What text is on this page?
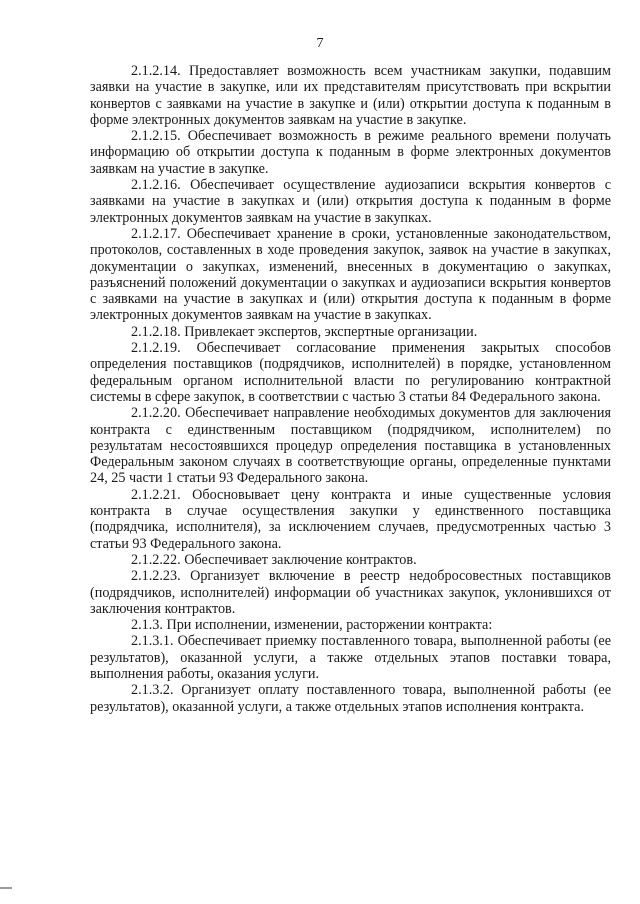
7

2.1.2.14. Предоставляет возможность всем участникам закупки, подавшим заявки на участие в закупке, или их представителям присутствовать при вскрытии конвертов с заявками на участие в закупке и (или) открытии доступа к поданным в форме электронных документов заявкам на участие в закупке.

2.1.2.15. Обеспечивает возможность в режиме реального времени получать информацию об открытии доступа к поданным в форме электронных документов заявкам на участие в закупке.

2.1.2.16. Обеспечивает осуществление аудиозаписи вскрытия конвертов с заявками на участие в закупках и (или) открытия доступа к поданным в форме электронных документов заявкам на участие в закупках.

2.1.2.17. Обеспечивает хранение в сроки, установленные законодательством, протоколов, составленных в ходе проведения закупок, заявок на участие в закупках, документации о закупках, изменений, внесенных в документацию о закупках, разъяснений положений документации о закупках и аудиозаписи вскрытия конвертов с заявками на участие в закупках и (или) открытия доступа к поданным в форме электронных документов заявкам на участие в закупках.

2.1.2.18. Привлекает экспертов, экспертные организации.

2.1.2.19. Обеспечивает согласование применения закрытых способов определения поставщиков (подрядчиков, исполнителей) в порядке, установленном федеральным органом исполнительной власти по регулированию контрактной системы в сфере закупок, в соответствии с частью 3 статьи 84 Федерального закона.

2.1.2.20. Обеспечивает направление необходимых документов для заключения контракта с единственным поставщиком (подрядчиком, исполнителем) по результатам несостоявшихся процедур определения поставщика в установленных Федеральным законом случаях в соответствующие органы, определенные пунктами 24, 25 части 1 статьи 93 Федерального закона.

2.1.2.21. Обосновывает цену контракта и иные существенные условия контракта в случае осуществления закупки у единственного поставщика (подрядчика, исполнителя), за исключением случаев, предусмотренных частью 3 статьи 93 Федерального закона.

2.1.2.22. Обеспечивает заключение контрактов.

2.1.2.23. Организует включение в реестр недобросовестных поставщиков (подрядчиков, исполнителей) информации об участниках закупок, уклонившихся от заключения контрактов.

2.1.3. При исполнении, изменении, расторжении контракта:

2.1.3.1. Обеспечивает приемку поставленного товара, выполненной работы (ее результатов), оказанной услуги, а также отдельных этапов поставки товара, выполнения работы, оказания услуги.

2.1.3.2. Организует оплату поставленного товара, выполненной работы (ее результатов), оказанной услуги, а также отдельных этапов исполнения контракта.
